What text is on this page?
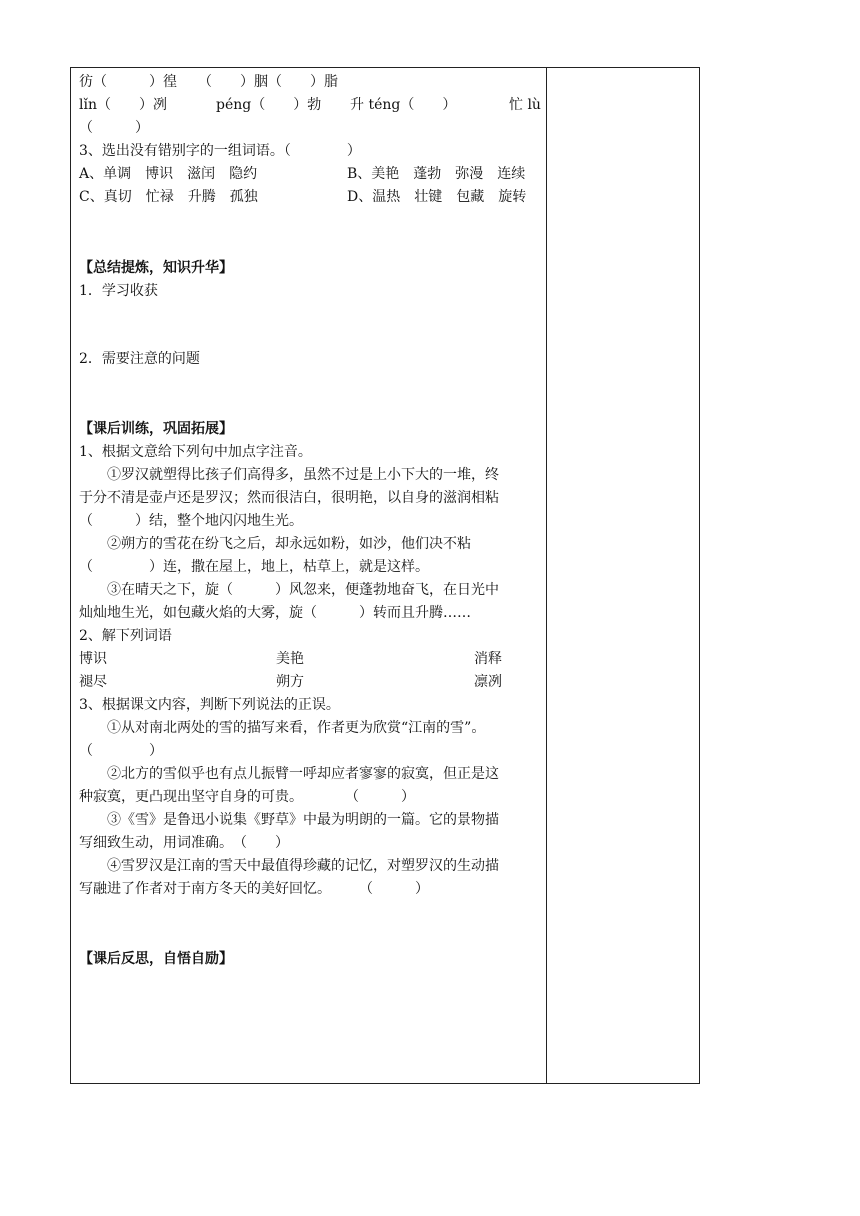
彷（　　　）徨　　（　　）胭（　　）脂
lǐn（　　）冽	péng（　　）勃 升 téng（　　）	忙 lù
（　　　）
3、选出没有错别字的一组词语。（　　　　）
A、单调　博识　滋闰　隐约	B、美艳　蓬勃　弥漫　连续
C、真切　忙禄　升腾　孤独	D、温热　壮键　包藏　旋转
【总结提炼，知识升华】
1．学习收获
2．需要注意的问题
【课后训练，巩固拓展】
1、根据文意给下列句中加点字注音。
①罗汉就塑得比孩子们高得多，虽然不过是上小下大的一堆，终
于分不清是壶卢还是罗汉；然而很洁白，很明艳，以自身的滋润相粘
（　　　）结，整个地闪闪地生光。
②朔方的雪花在纷飞之后，却永远如粉，如沙，他们决不粘
（　　　　）连，撒在屋上，地上，枯草上，就是这样。
③在晴天之下，旋（　　　）风忽来，便蓬勃地奋飞，在日光中
灿灿地生光，如包藏火焰的大雾，旋（　　　）转而且升腾……
2、解下列词语
博识	美艳	消释
褪尽	朔方	凛冽
3、根据课文内容，判断下列说法的正误。
①从对南北两处的雪的描写来看，作者更为欣赏“江南的雪”。
（　　　　）
②北方的雪似乎也有点儿振臂一呼却应者寥寥的寂寞，但正是这
种寂寞，更凸现出坚守自身的可贵。　　　　（　　　）
③《雪》是鲁迅小说集《野草》中最为明朗的一篇。它的景物描
写细致生动，用词准确。　（　　）
④雪罗汉是江南的雪天中最值得珍藏的记忆，对塑罗汉的生动描
写融进了作者对于南方冬天的美好回忆。　　　（　　　）
【课后反思，自悟自励】
